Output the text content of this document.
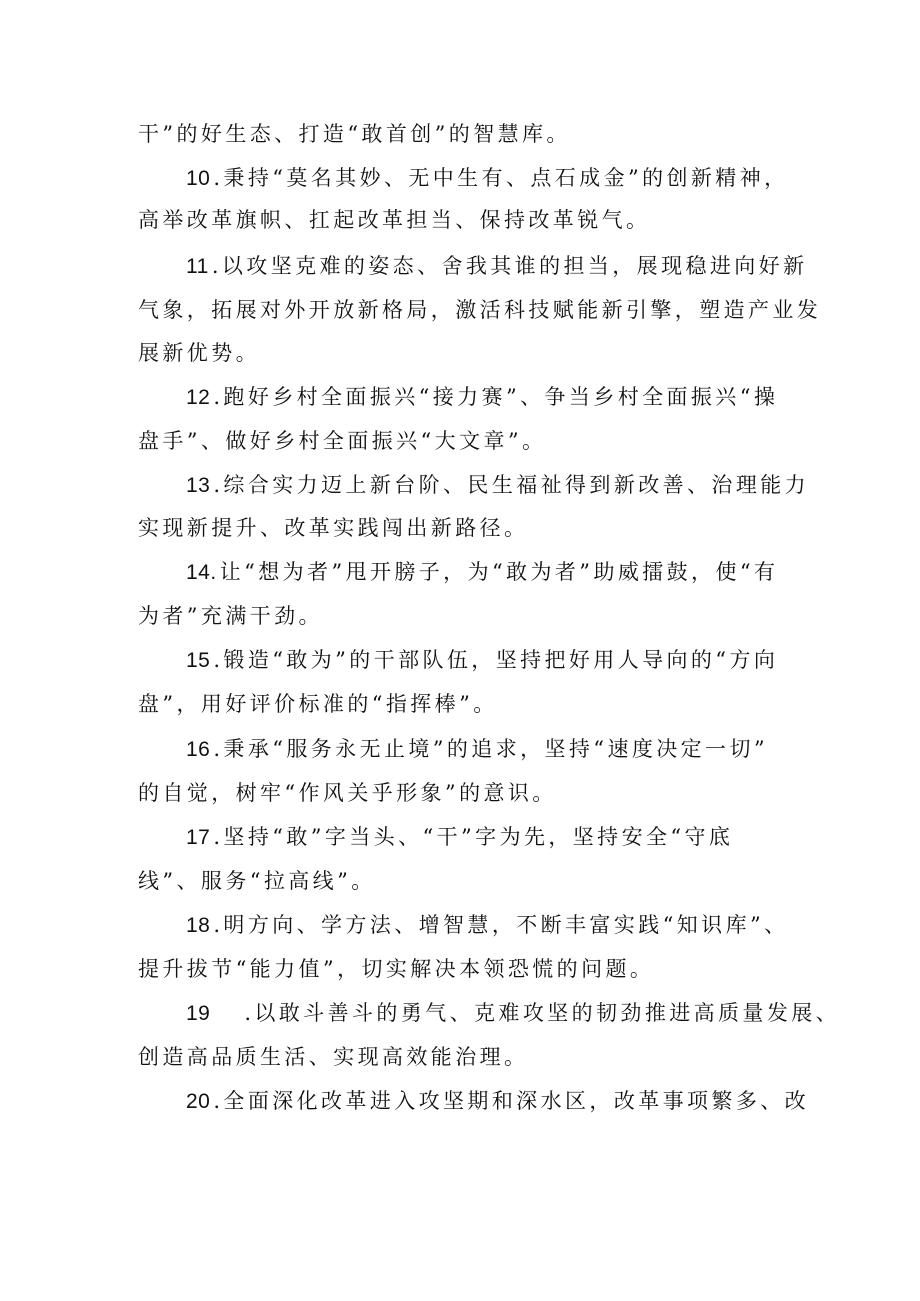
干”的好生态、打造“敢首创”的智慧库。
10 .秉持“莫名其妙、无中生有、点石成金”的创新精神，
高举改革旗帜、扛起改革担当、保持改革锐气。
11 .以攻坚克难的姿态、舍我其谁的担当，展现稳进向好新
气象，拓展对外开放新格局，激活科技赋能新引擎，塑造产业发
展新优势。
12 .跑好乡村全面振兴“接力赛”、争当乡村全面振兴“操
盘手”、做好乡村全面振兴“大文章”。
13 .综合实力迈上新台阶、民生福祉得到新改善、治理能力
实现新提升、改革实践闯出新路径。
14. 让“想为者”甩开膀子，为“敢为者”助威擂鼓，使“有
为者”充满干劲。
15 .锻造“敢为”的干部队伍，坚持把好用人导向的“方向
盘”，用好评价标准的“指挥棒”。
16 .秉承“服务永无止境”的追求，坚持“速度决定一切”
的自觉，树牢“作风关乎形象”的意识。
17 .坚持“敢”字当头、“干”字为先，坚持安全“守底
线”、服务“拉高线”。
18 .明方向、学方法、增智慧，不断丰富实践“知识库”、
提升拔节“能力值”，切实解决本领恐慌的问题。
19 .以敢斗善斗的勇气、克难攻坚的韧劲推进高质量发展、
创造高品质生活、实现高效能治理。
20 .全面深化改革进入攻坚期和深水区，改革事项繁多、改
